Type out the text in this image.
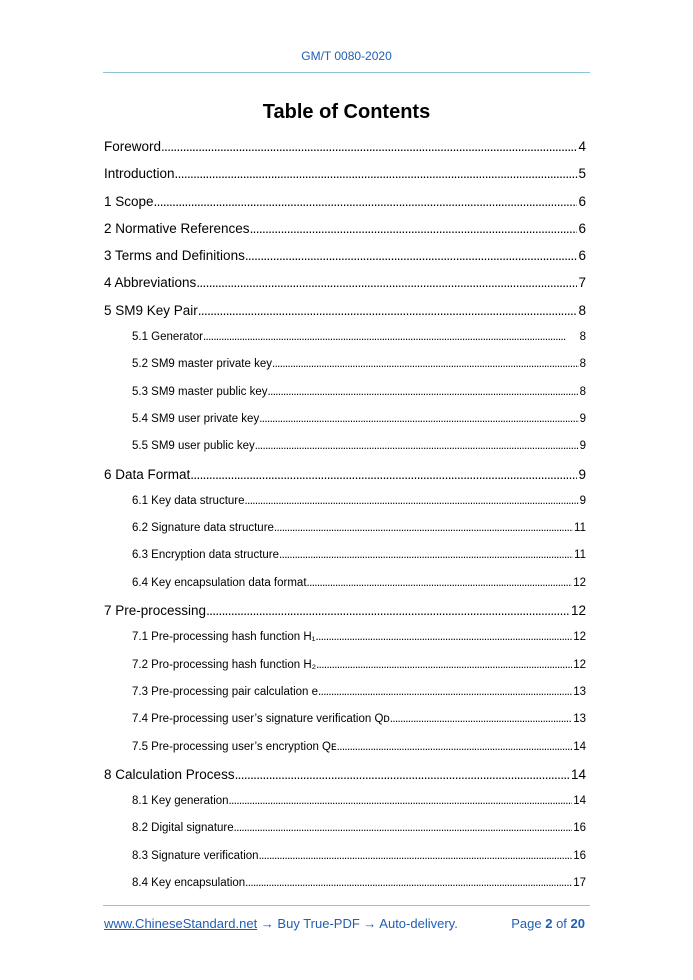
GM/T 0080-2020
Table of Contents
Foreword . . .	4
Introduction . . .	5
1 Scope . . .	6
2 Normative References . . .	6
3 Terms and Definitions . . .	6
4 Abbreviations . . .	7
5 SM9 Key Pair . . .	8
5.1 Generator . . .	8
5.2 SM9 master private key . . .	8
5.3 SM9 master public key . . .	8
5.4 SM9 user private key . . .	9
5.5 SM9 user public key . . .	9
6 Data Format . . .	9
6.1 Key data structure . . .	9
6.2 Signature data structure . . .	11
6.3 Encryption data structure . . .	11
6.4 Key encapsulation data format . . .	12
7 Pre-processing . . .	12
7.1 Pre-processing hash function H₁ . . .	12
7.2 Pro-processing hash function H₂ . . .	12
7.3 Pre-processing pair calculation e . . .	13
7.4 Pre-processing user’s signature verification Qᴅ . . .	13
7.5 Pre-processing user’s encryption Qᴇ . . .	14
8 Calculation Process . . .	14
8.1 Key generation . . .	14
8.2 Digital signature . . .	16
8.3 Signature verification . . .	16
8.4 Key encapsulation . . .	17
www.ChineseStandard.net → Buy True-PDF → Auto-delivery.	Page 2 of 20
